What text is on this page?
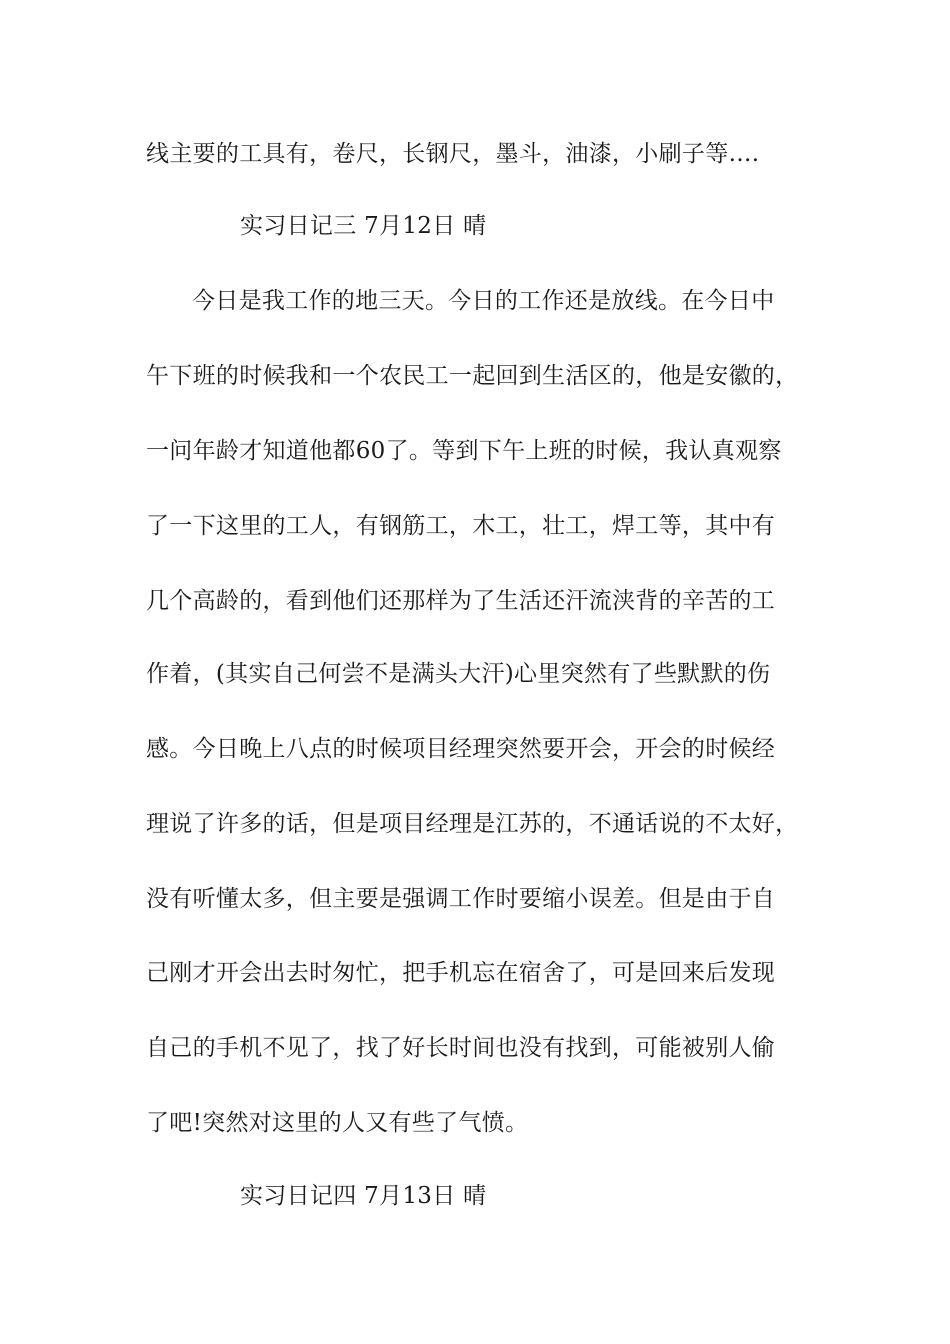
线主要的工具有，卷尺，长钢尺，墨斗，油漆，小刷子等….
实习日记三 7月12日 晴
今日是我工作的地三天。今日的工作还是放线。在今日中
午下班的时候我和一个农民工一起回到生活区的，他是安徽的，
一问年龄才知道他都60了。等到下午上班的时候，我认真观察
了一下这里的工人，有钢筋工，木工，壮工，焊工等，其中有
几个高龄的，看到他们还那样为了生活还汗流浃背的辛苦的工
作着，(其实自己何尝不是满头大汗)心里突然有了些默默的伤
感。今日晚上八点的时候项目经理突然要开会，开会的时候经
理说了许多的话，但是项目经理是江苏的，不通话说的不太好，
没有听懂太多，但主要是强调工作时要缩小误差。但是由于自
己刚才开会出去时匆忙，把手机忘在宿舍了，可是回来后发现
自己的手机不见了，找了好长时间也没有找到，可能被别人偷
了吧!突然对这里的人又有些了气愤。
实习日记四 7月13日 晴
